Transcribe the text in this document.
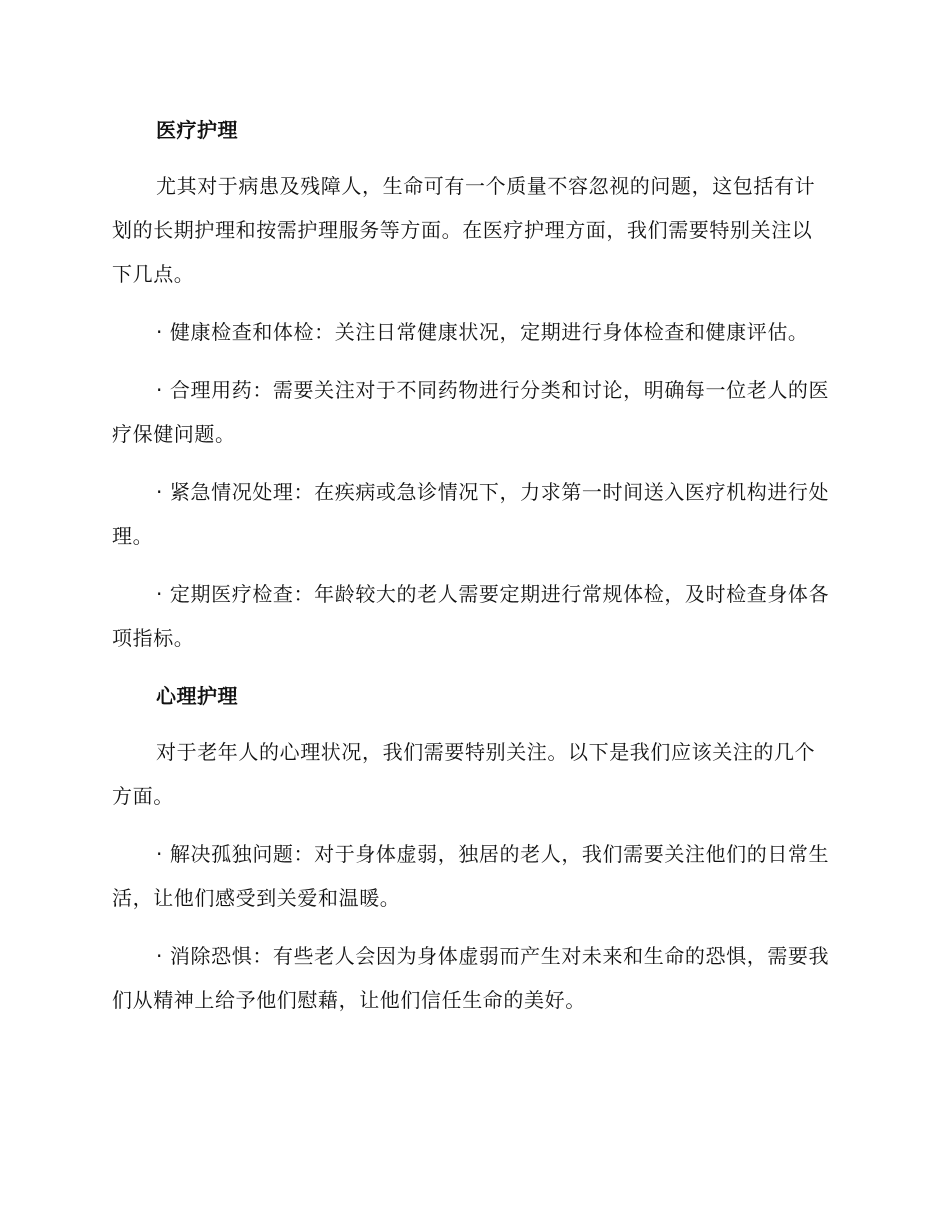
医疗护理

尤其对于病患及残障人，生命可有一个质量不容忽视的问题，这包括有计划的长期护理和按需护理服务等方面。在医疗护理方面，我们需要特别关注以下几点。

· 健康检查和体检：关注日常健康状况，定期进行身体检查和健康评估。

· 合理用药：需要关注对于不同药物进行分类和讨论，明确每一位老人的医疗保健问题。

· 紧急情况处理：在疾病或急诊情况下，力求第一时间送入医疗机构进行处理。

· 定期医疗检查：年龄较大的老人需要定期进行常规体检，及时检查身体各项指标。

心理护理

对于老年人的心理状况，我们需要特别关注。以下是我们应该关注的几个方面。

· 解决孤独问题：对于身体虚弱，独居的老人，我们需要关注他们的日常生活，让他们感受到关爱和温暖。

· 消除恐惧：有些老人会因为身体虚弱而产生对未来和生命的恐惧，需要我们从精神上给予他们慰藉，让他们信任生命的美好。
